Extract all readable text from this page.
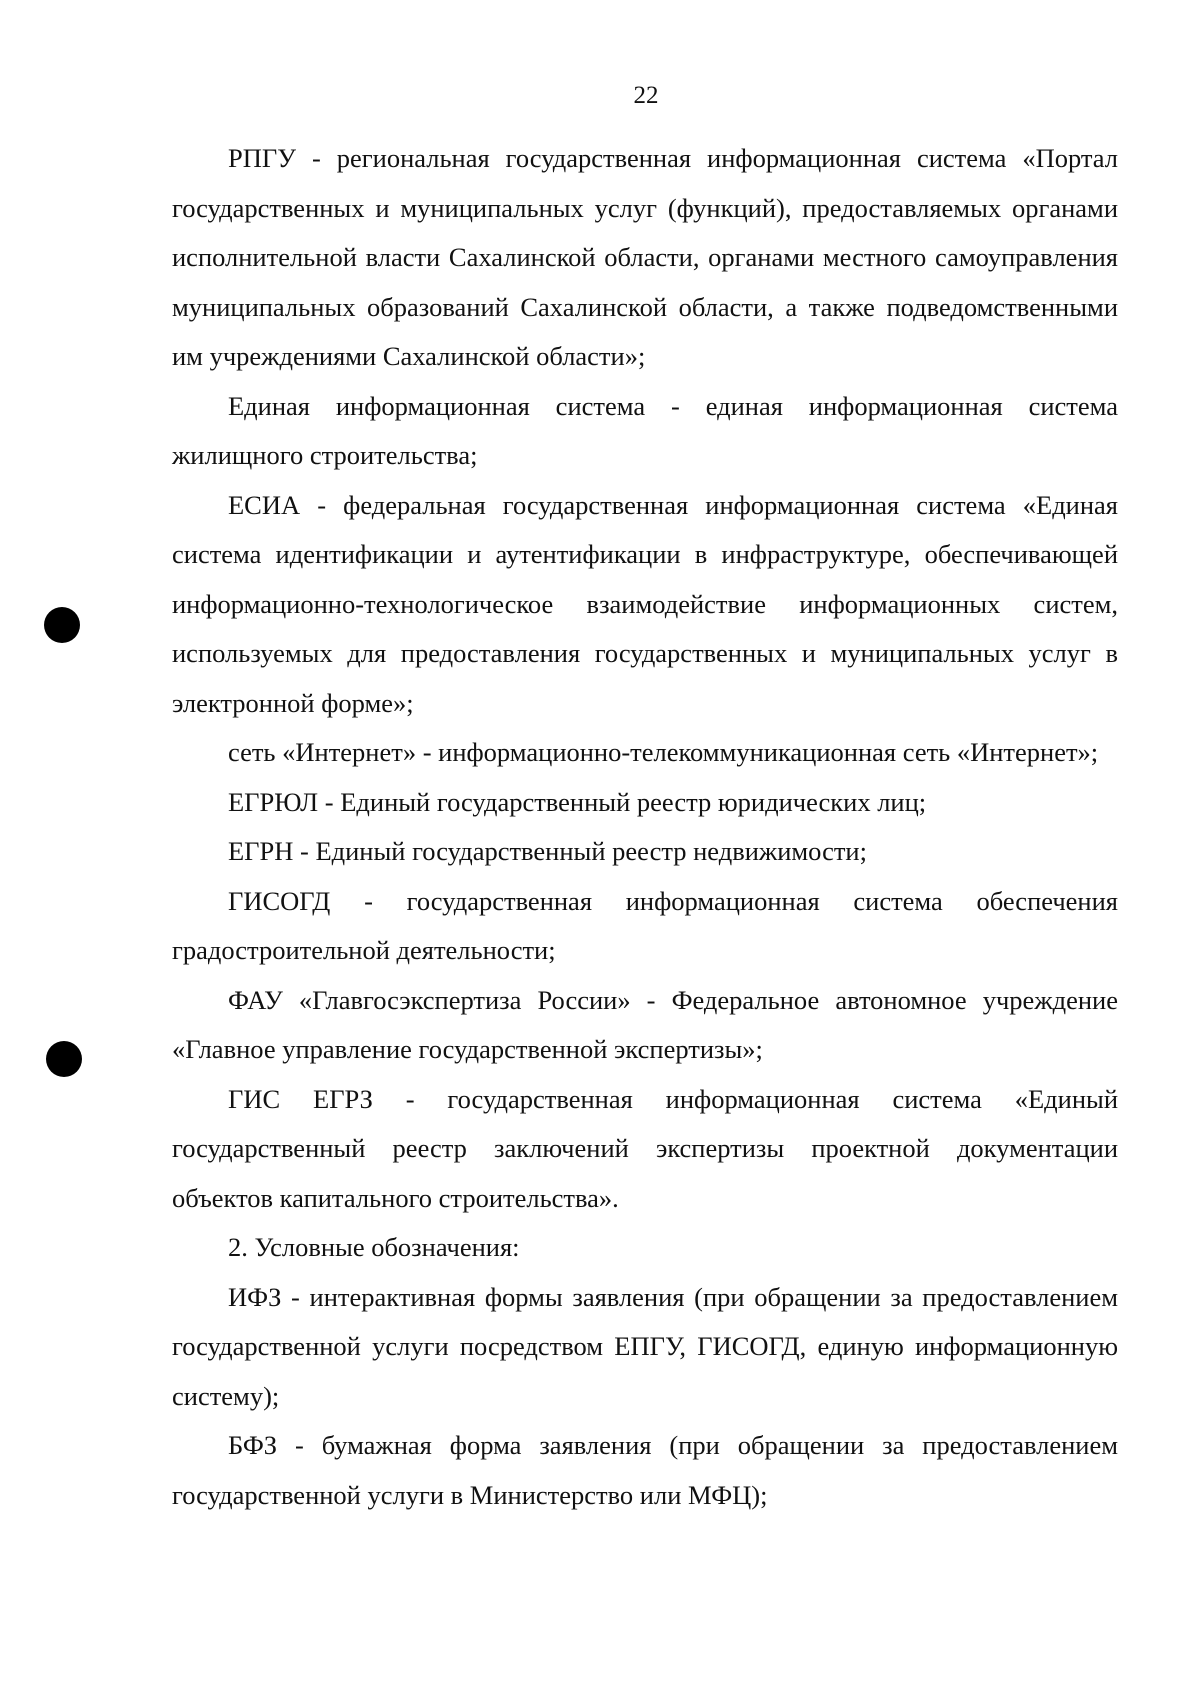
22

РПГУ - региональная государственная информационная система «Портал государственных и муниципальных услуг (функций), предоставляемых органами исполнительной власти Сахалинской области, органами местного самоуправления муниципальных образований Сахалинской области, а также подведомственными им учреждениями Сахалинской области»;

Единая информационная система - единая информационная система жилищного строительства;

ЕСИА - федеральная государственная информационная система «Единая система идентификации и аутентификации в инфраструктуре, обеспечивающей информационно-технологическое взаимодействие информационных систем, используемых для предоставления государственных и муниципальных услуг в электронной форме»;

сеть «Интернет» - информационно-телекоммуникационная сеть «Интернет»;

ЕГРЮЛ - Единый государственный реестр юридических лиц;

ЕГРН - Единый государственный реестр недвижимости;

ГИСОГД - государственная информационная система обеспечения градостроительной деятельности;

ФАУ «Главгосэкспертиза России» - Федеральное автономное учреждение «Главное управление государственной экспертизы»;

ГИС ЕГРЗ - государственная информационная система «Единый государственный реестр заключений экспертизы проектной документации объектов капитального строительства».

2. Условные обозначения:

ИФЗ - интерактивная формы заявления (при обращении за предоставлением государственной услуги посредством ЕПГУ, ГИСОГД, единую информационную систему);

БФЗ - бумажная форма заявления (при обращении за предоставлением государственной услуги в Министерство или МФЦ);
